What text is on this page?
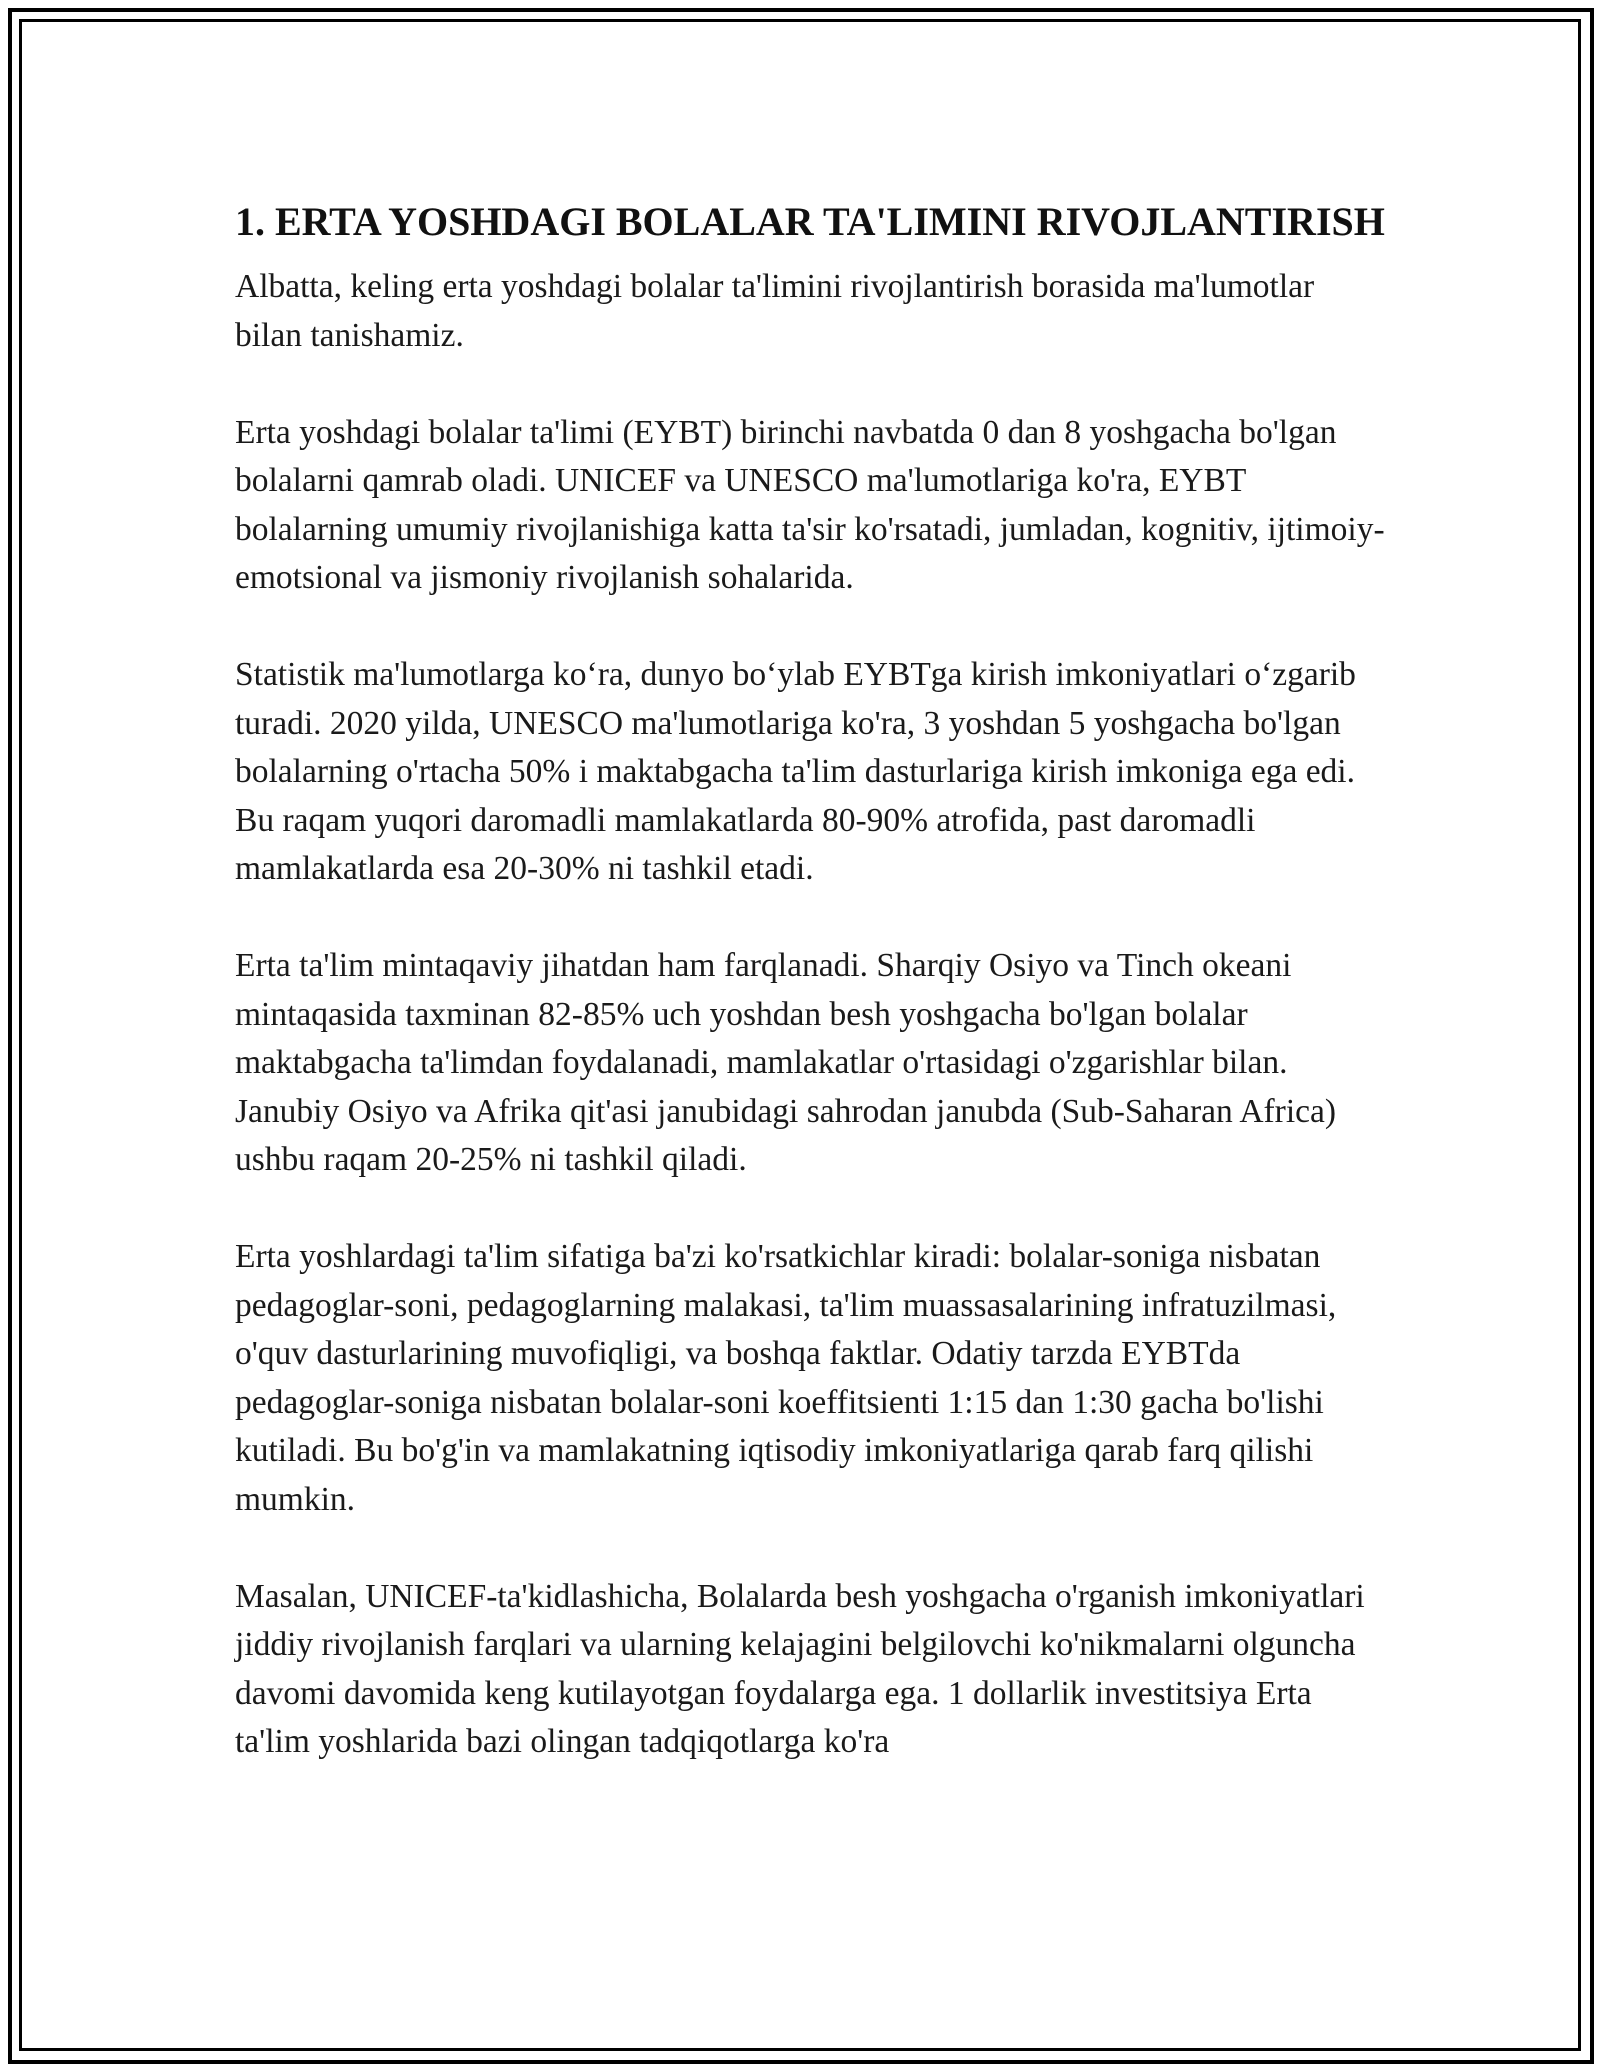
1. ERTA YOSHDAGI BOLALAR TA'LIMINI RIVOJLANTIRISH

Albatta, keling erta yoshdagi bolalar ta'limini rivojlantirish borasida ma'lumotlar bilan tanishamiz.

Erta yoshdagi bolalar ta'limi (EYBT) birinchi navbatda 0 dan 8 yoshgacha bo'lgan bolalarni qamrab oladi. UNICEF va UNESCO ma'lumotlariga ko'ra, EYBT bolalarning umumiy rivojlanishiga katta ta'sir ko'rsatadi, jumladan, kognitiv, ijtimoiy-emotsional va jismoniy rivojlanish sohalarida.

Statistik ma'lumotlarga ko‘ra, dunyo bo‘ylab EYBTga kirish imkoniyatlari o‘zgarib turadi. 2020 yilda, UNESCO ma'lumotlariga ko'ra, 3 yoshdan 5 yoshgacha bo'lgan bolalarning o'rtacha 50% i maktabgacha ta'lim dasturlariga kirish imkoniga ega edi. Bu raqam yuqori daromadli mamlakatlarda 80-90% atrofida, past daromadli mamlakatlarda esa 20-30% ni tashkil etadi.

Erta ta'lim mintaqaviy jihatdan ham farqlanadi. Sharqiy Osiyo va Tinch okeani mintaqasida taxminan 82-85% uch yoshdan besh yoshgacha bo'lgan bolalar maktabgacha ta'limdan foydalanadi, mamlakatlar o'rtasidagi o'zgarishlar bilan. Janubiy Osiyo va Afrika qit'asi janubidagi sahrodan janubda (Sub-Saharan Africa) ushbu raqam 20-25% ni tashkil qiladi.

Erta yoshlardagi ta'lim sifatiga ba'zi ko'rsatkichlar kiradi: bolalar-soniga nisbatan pedagoglar-soni, pedagoglarning malakasi, ta'lim muassasalarining infratuzilmasi, o'quv dasturlarining muvofiqligi, va boshqa faktlar. Odatiy tarzda EYBTda pedagoglar-soniga nisbatan bolalar-soni koeffitsienti 1:15 dan 1:30 gacha bo'lishi kutiladi. Bu bo'g'in va mamlakatning iqtisodiy imkoniyatlariga qarab farq qilishi mumkin.

Masalan, UNICEF-ta'kidlashicha, Bolalarda besh yoshgacha o'rganish imkoniyatlari jiddiy rivojlanish farqlari va ularning kelajagini belgilovchi ko'nikmalarni olguncha davomi davomida keng kutilayotgan foydalarga ega. 1 dollarlik investitsiya Erta ta'lim yoshlarida bazi olingan tadqiqotlarga ko'ra
